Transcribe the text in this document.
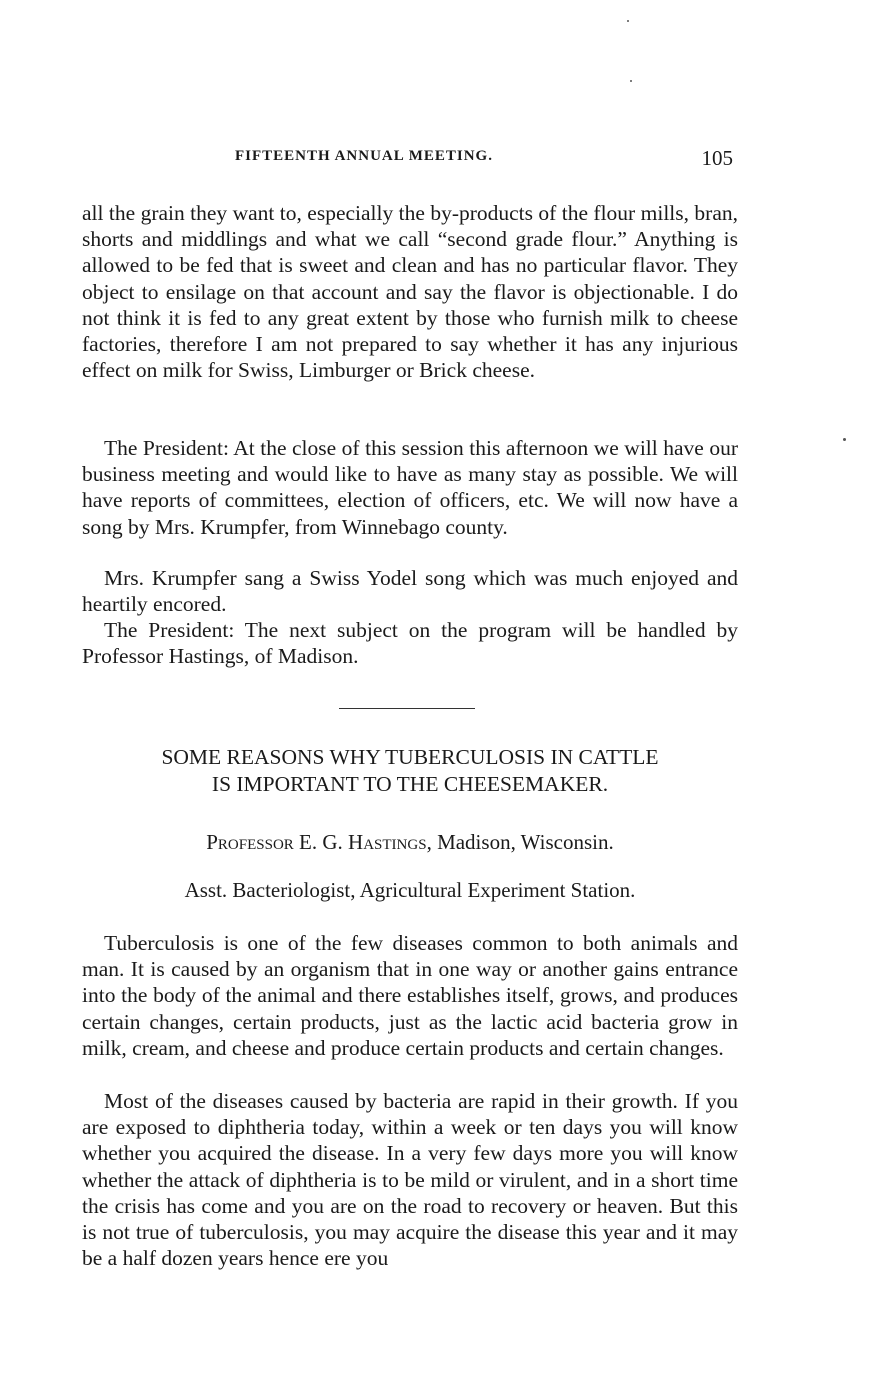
FIFTEENTH ANNUAL MEETING.	105

all the grain they want to, especially the by-products of the flour mills, bran, shorts and middlings and what we call “second grade flour.” Anything is allowed to be fed that is sweet and clean and has no particular flavor. They object to ensilage on that account and say the flavor is objectionable. I do not think it is fed to any great extent by those who furnish milk to cheese factories, therefore I am not prepared to say whether it has any injurious effect on milk for Swiss, Limburger or Brick cheese.

The President: At the close of this session this afternoon we will have our business meeting and would like to have as many stay as possible. We will have reports of committees, election of officers, etc. We will now have a song by Mrs. Krumpfer, from Winnebago county.

Mrs. Krumpfer sang a Swiss Yodel song which was much enjoyed and heartily encored.

The President: The next subject on the program will be handled by Professor Hastings, of Madison.

SOME REASONS WHY TUBERCULOSIS IN CATTLE
IS IMPORTANT TO THE CHEESEMAKER.
Professor E. G. Hastings, Madison, Wisconsin.
Asst. Bacteriologist, Agricultural Experiment Station.

Tuberculosis is one of the few diseases common to both animals and man. It is caused by an organism that in one way or another gains entrance into the body of the animal and there establishes itself, grows, and produces certain changes, certain products, just as the lactic acid bacteria grow in milk, cream, and cheese and produce certain products and certain changes.

Most of the diseases caused by bacteria are rapid in their growth. If you are exposed to diphtheria today, within a week or ten days you will know whether you acquired the disease. In a very few days more you will know whether the attack of diphtheria is to be mild or virulent, and in a short time the crisis has come and you are on the road to recovery or heaven. But this is not true of tuberculosis, you may acquire the disease this year and it may be a half dozen years hence ere you
